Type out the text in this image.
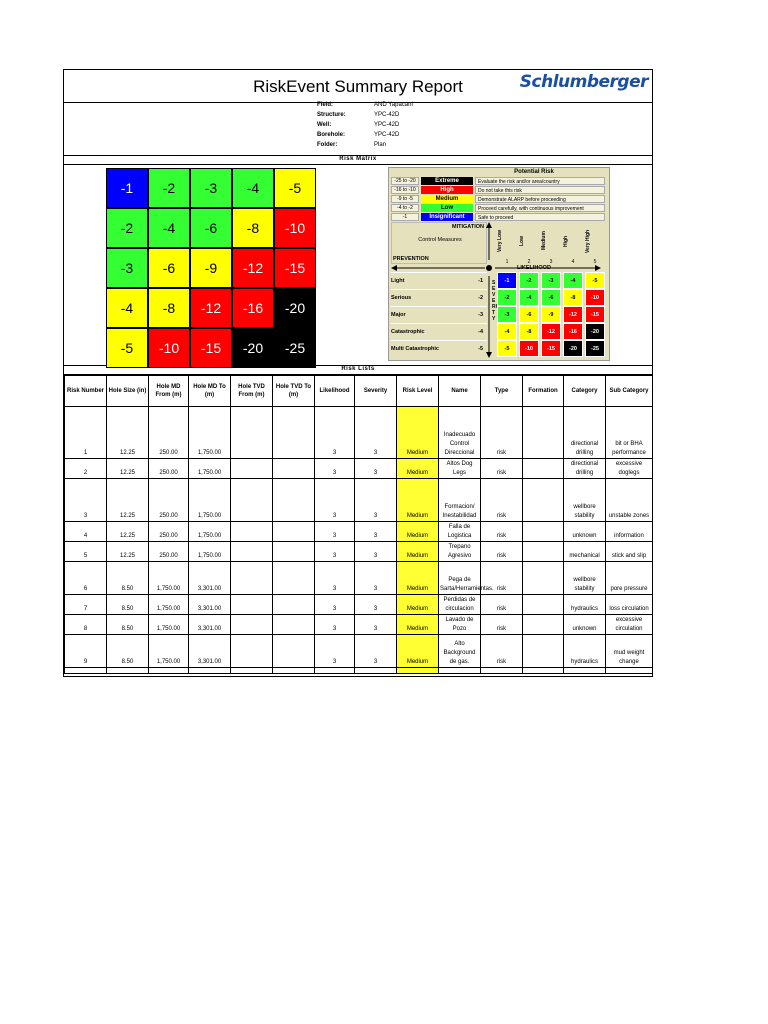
RiskEvent Summary Report	Schlumberger
Field:	AND Yapacani
Structure:	YPC-42D
Well:	YPC-42D
Borehole:	YPC-42D
Folder:	Plan
Risk Matrix
-1	-2	-3	-4	-5
-2	-4	-6	-8	-10
-3	-6	-9	-12	-15
-4	-8	-12	-16	-20
-5	-10	-15	-20	-25
Potential Risk
-25 to -20	Extreme	Evaluate the risk and/or area/country
-16 to -10	High	Do not take this risk
-9 to -5	Medium	Demonstrate ALARP before proceeding
-4 to -2	Low	Proceed carefully, with continuous improvement
-1	Insignificant	Safe to proceed
MITIGATION
Control Measures
PREVENTION
LIKELIHOOD
SEVERITY
Very Low
1
Low
2
Medium
3
High
4
Very High
5
Light	-1
Serious	-2
Major	-3
Catastrophic	-4
Multi Catastrophic	-5
-1	-2	-3	-4	-5
-2	-4	-6	-8	-10
-3	-6	-9	-12	-15
-4	-8	-12	-16	-20
-5	-10	-15	-20	-25
Risk Lists
Risk Number	Hole Size (in)	Hole MD From (m)	Hole MD To (m)	Hole TVD From (m)	Hole TVD To (m)	Likelihood	Severity	Risk Level	Name	Type	Formation	Category	Sub Category
1	12.25	250.00	1,750.00			3	3	Medium	Inadecuado Control Direccional	risk		directional drilling	bit or BHA performance
2	12.25	250.00	1,750.00			3	3	Medium	Altos Dog Legs	risk		directional drilling	excessive doglegs
3	12.25	250.00	1,750.00			3	3	Medium	Formacion/ Inestabilidad	risk		wellbore stability	unstable zones
4	12.25	250.00	1,750.00			3	3	Medium	Falla de Logistica	risk		unknown	information
5	12.25	250.00	1,750.00			3	3	Medium	Trepano Agresivo	risk		mechanical	stick and slip
6	8.50	1,750.00	3,301.00			3	3	Medium	Pega de Sarta/Herramientas.	risk		wellbore stability	pore pressure
7	8.50	1,750.00	3,301.00			3	3	Medium	Perdidas de circulacion	risk		hydraulics	loss circulation
8	8.50	1,750.00	3,301.00			3	3	Medium	Lavado de Pozo	risk		unknown	excessive circulation
9	8.50	1,750.00	3,301.00			3	3	Medium	Alto Background de gas.	risk		hydraulics	mud weight change
